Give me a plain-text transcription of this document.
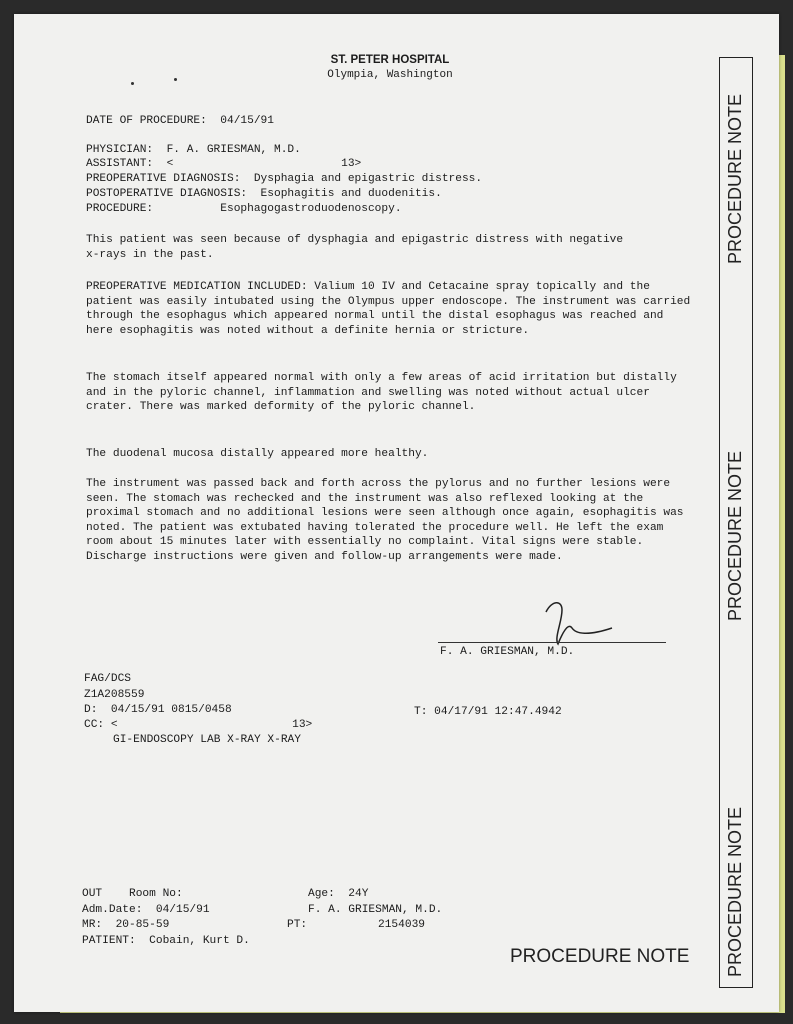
ST. PETER HOSPITAL
Olympia, Washington
DATE OF PROCEDURE:  04/15/91
PHYSICIAN:  F. A. GRIESMAN, M.D.
ASSISTANT:  <                         13>
PREOPERATIVE DIAGNOSIS:  Dysphagia and epigastric distress.
POSTOPERATIVE DIAGNOSIS:  Esophagitis and duodenitis.
PROCEDURE:          Esophagogastroduodenoscopy.
This patient was seen because of dysphagia and epigastric distress with negative x-rays in the past.
PREOPERATIVE MEDICATION INCLUDED: Valium 10 IV and Cetacaine spray topically and the patient was easily intubated using the Olympus upper endoscope. The instrument was carried through the esophagus which appeared normal until the distal esophagus was reached and here esophagitis was noted without a definite hernia or stricture.
The stomach itself appeared normal with only a few areas of acid irritation but distally and in the pyloric channel, inflammation and swelling was noted without actual ulcer crater. There was marked deformity of the pyloric channel.
The duodenal mucosa distally appeared more healthy.
The instrument was passed back and forth across the pylorus and no further lesions were seen. The stomach was rechecked and the instrument was also reflexed looking at the proximal stomach and no additional lesions were seen although once again, esophagitis was noted. The patient was extubated having tolerated the procedure well. He left the exam room about 15 minutes later with essentially no complaint. Vital signs were stable. Discharge instructions were given and follow-up arrangements were made.
F. A. GRIESMAN, M.D.
FAG/DCS
Z1A208559
D:  04/15/91 0815/0458	T: 04/17/91 12:47.4942
CC: <                          13>
GI-ENDOSCOPY LAB X-RAY X-RAY
OUT    Room No:	Age:  24Y
Adm.Date:  04/15/91	F. A. GRIESMAN, M.D.
MR:  20-85-59	PT:	2154039
PATIENT:  Cobain, Kurt D.
PROCEDURE NOTE
PROCEDURE NOTE
PROCEDURE NOTE
PROCEDURE NOTE
